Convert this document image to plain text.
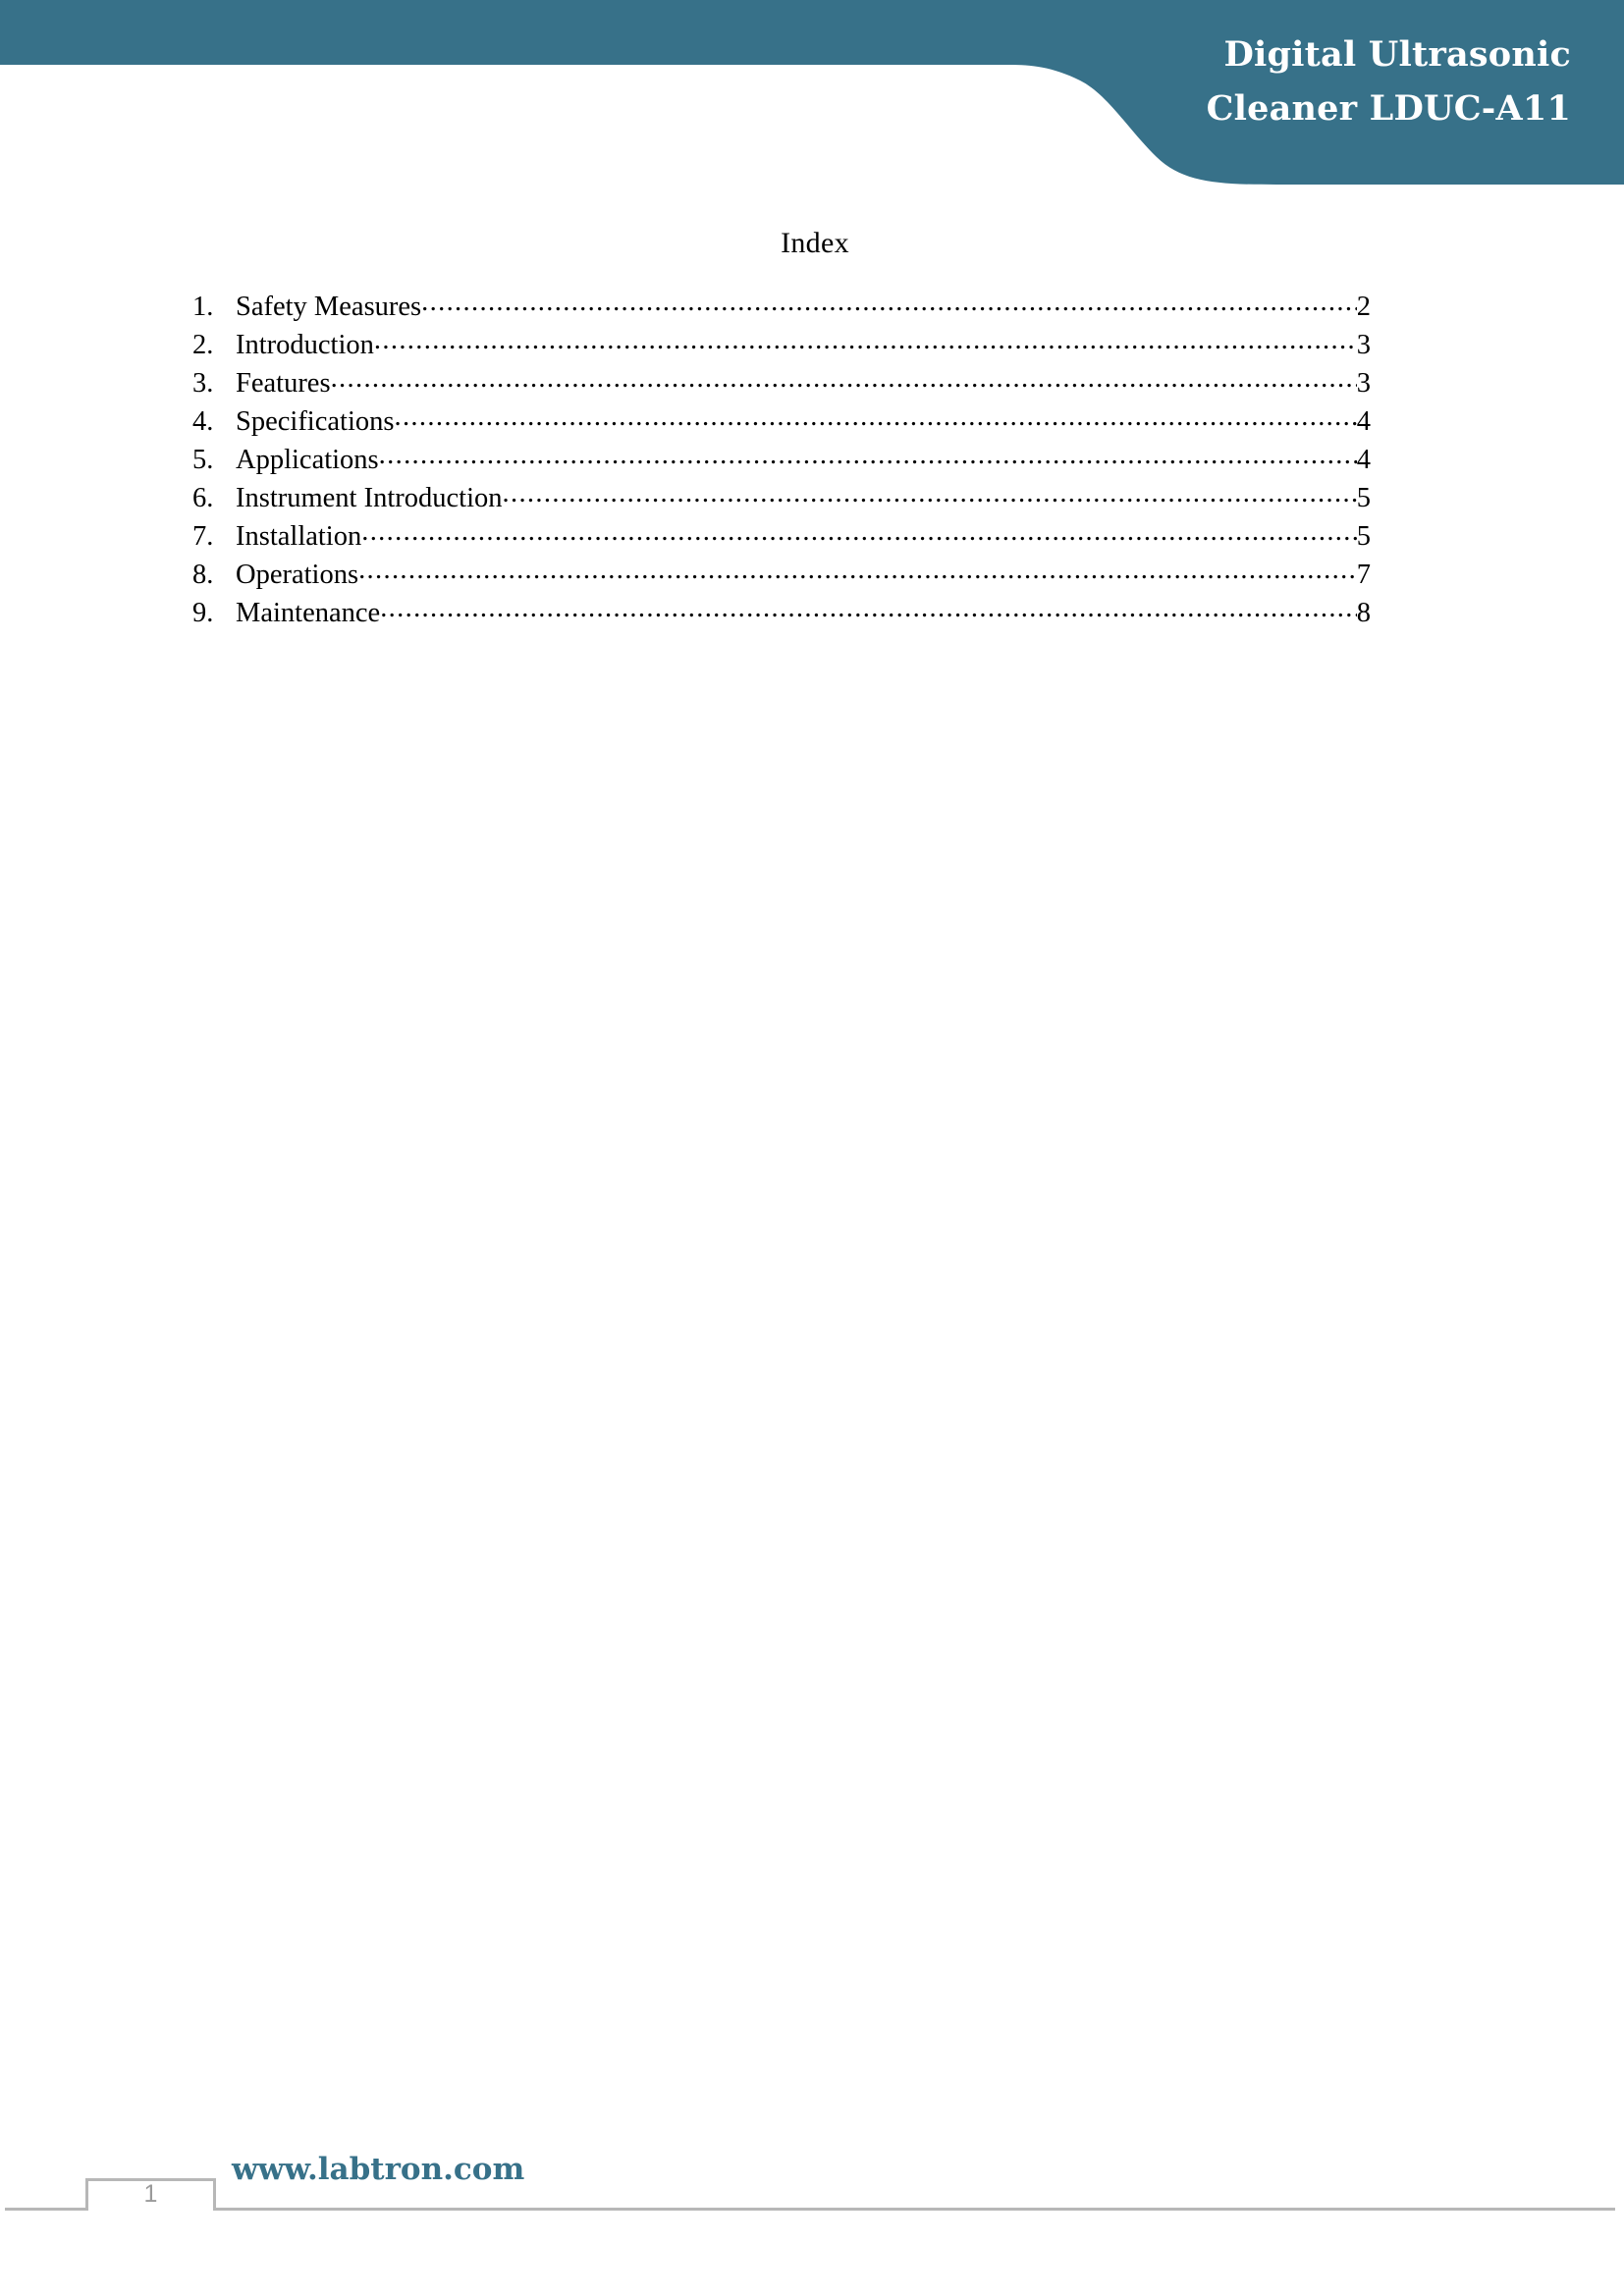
Digital Ultrasonic
Cleaner LDUC-A11
Index
1. Safety Measures .....	2
2. Introduction .....	3
3. Features .....	3
4. Specifications .....	4
5. Applications .....	4
6. Instrument Introduction .....	5
7. Installation .....	5
8. Operations .....	7
9. Maintenance .....	8
1
www.labtron.com
